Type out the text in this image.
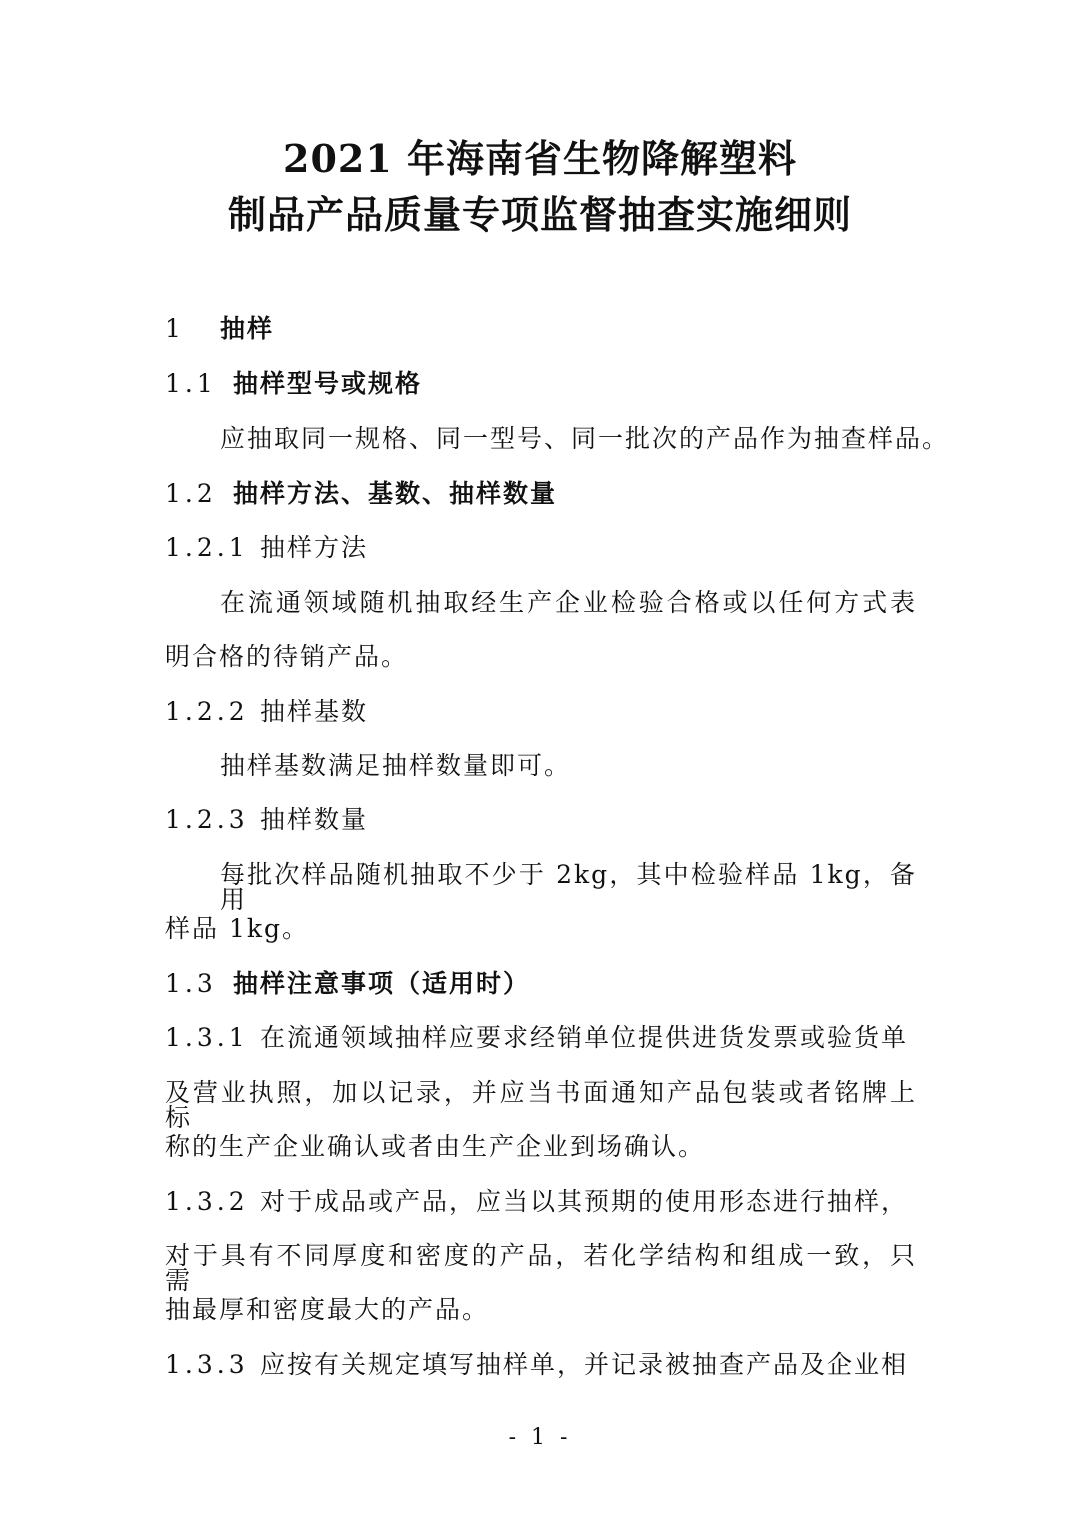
2021 年海南省生物降解塑料
制品产品质量专项监督抽查实施细则
1 抽样
1.1 抽样型号或规格
应抽取同一规格、同一型号、同一批次的产品作为抽查样品。
1.2 抽样方法、基数、抽样数量
1.2.1 抽样方法
在流通领域随机抽取经生产企业检验合格或以任何方式表
明合格的待销产品。
1.2.2 抽样基数
抽样基数满足抽样数量即可。
1.2.3 抽样数量
每批次样品随机抽取不少于 2kg，其中检验样品 1kg，备用
样品 1kg。
1.3 抽样注意事项（适用时）
1.3.1 在流通领域抽样应要求经销单位提供进货发票或验货单
及营业执照，加以记录，并应当书面通知产品包装或者铭牌上标
称的生产企业确认或者由生产企业到场确认。
1.3.2 对于成品或产品，应当以其预期的使用形态进行抽样，
对于具有不同厚度和密度的产品，若化学结构和组成一致，只需
抽最厚和密度最大的产品。
1.3.3 应按有关规定填写抽样单，并记录被抽查产品及企业相
- 1 -
